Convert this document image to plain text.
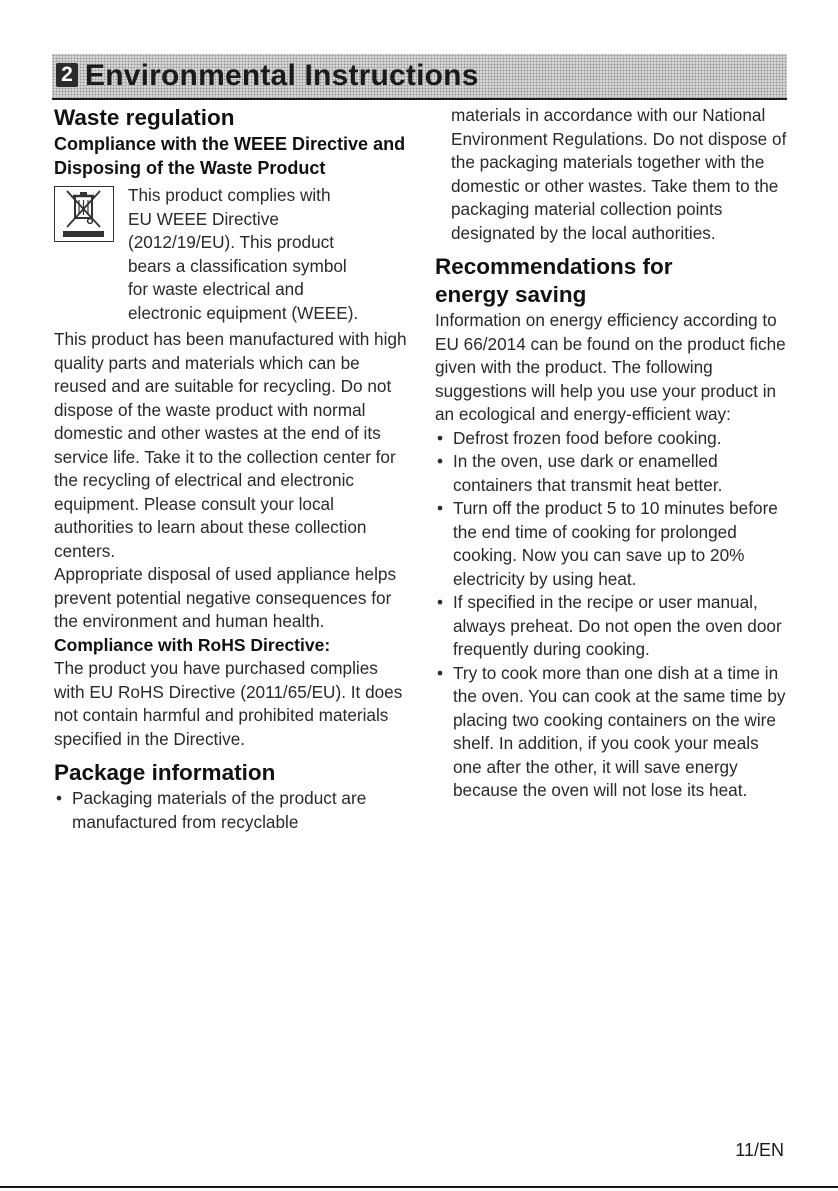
2 Environmental Instructions
Waste regulation
Compliance with the WEEE Directive and Disposing of the Waste Product

This product complies with

EU WEEE Directive

(2012/19/EU). This product

bears a classification symbol

for waste electrical and

electronic equipment (WEEE).

This product has been manufactured with high quality parts and materials which can be reused and are suitable for recycling. Do not dispose of the waste product with normal domestic and other wastes at the end of its service life. Take it to the collection center for the recycling of electrical and electronic equipment. Please consult your local authorities to learn about these collection centers.

Appropriate disposal of used appliance helps prevent potential negative consequences for the environment and human health.

Compliance with RoHS Directive:

The product you have purchased complies with EU RoHS Directive (2011/65/EU). It does not contain harmful and prohibited materials specified in the Directive.

Package information
• Packaging materials of the product are manufactured from recyclable

materials in accordance with our National Environment Regulations. Do not dispose of the packaging materials together with the domestic or other wastes. Take them to the packaging material collection points designated by the local authorities.

Recommendations for
energy saving

Information on energy efficiency according to EU 66/2014 can be found on the product fiche given with the product. The following suggestions will help you use your product in an ecological and energy-efficient way:

• Defrost frozen food before cooking.
• In the oven, use dark or enamelled containers that transmit heat better.
• Turn off the product 5 to 10 minutes before the end time of cooking for prolonged cooking. Now you can save up to 20% electricity by using heat.
• If specified in the recipe or user manual, always preheat. Do not open the oven door frequently during cooking.
• Try to cook more than one dish at a time in the oven. You can cook at the same time by placing two cooking containers on the wire shelf. In addition, if you cook your meals one after the other, it will save energy because the oven will not lose its heat.
11/EN
